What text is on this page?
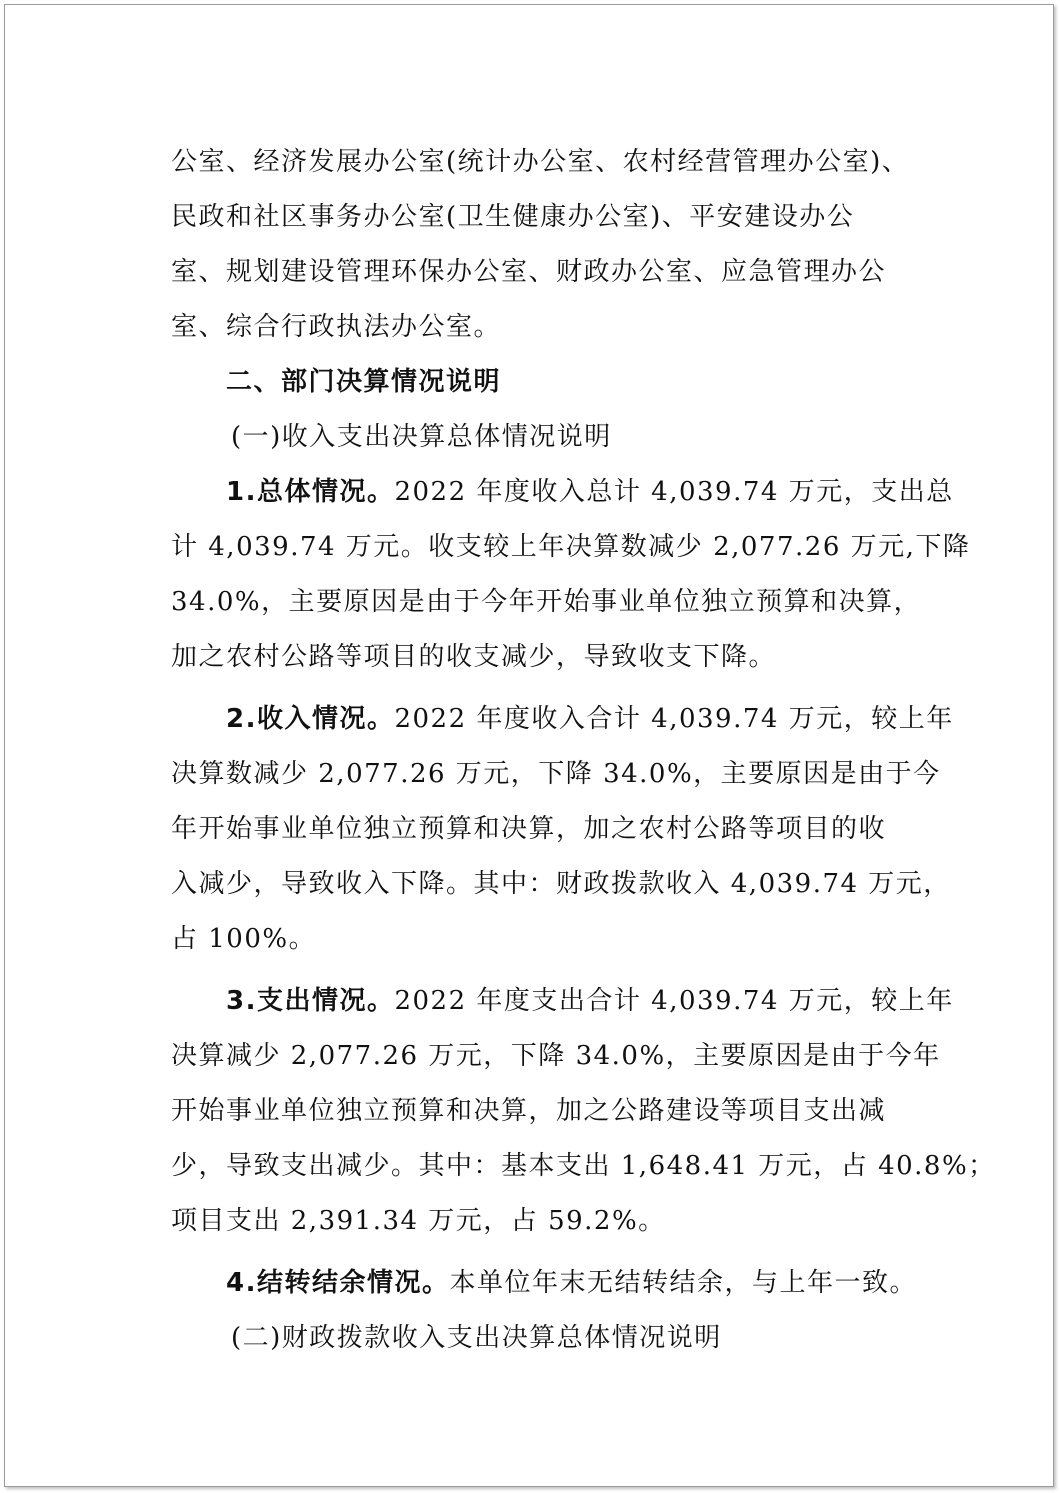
公室、经济发展办公室(统计办公室、农村经营管理办公室)、
民政和社区事务办公室(卫生健康办公室)、平安建设办公
室、规划建设管理环保办公室、财政办公室、应急管理办公
室、综合行政执法办公室。
二、部门决算情况说明
(一)收入支出决算总体情况说明
1.总体情况。2022 年度收入总计 4,039.74 万元，支出总
计 4,039.74 万元。收支较上年决算数减少 2,077.26 万元,下降
34.0%，主要原因是由于今年开始事业单位独立预算和决算，
加之农村公路等项目的收支减少，导致收支下降。
2.收入情况。2022 年度收入合计 4,039.74 万元，较上年
决算数减少 2,077.26 万元，下降 34.0%，主要原因是由于今
年开始事业单位独立预算和决算，加之农村公路等项目的收
入减少，导致收入下降。其中：财政拨款收入 4,039.74 万元，
占 100%。
3.支出情况。2022 年度支出合计 4,039.74 万元，较上年
决算减少 2,077.26 万元，下降 34.0%，主要原因是由于今年
开始事业单位独立预算和决算，加之公路建设等项目支出减
少，导致支出减少。其中：基本支出 1,648.41 万元，占 40.8%；
项目支出 2,391.34 万元，占 59.2%。
4.结转结余情况。本单位年末无结转结余，与上年一致。
(二)财政拨款收入支出决算总体情况说明
